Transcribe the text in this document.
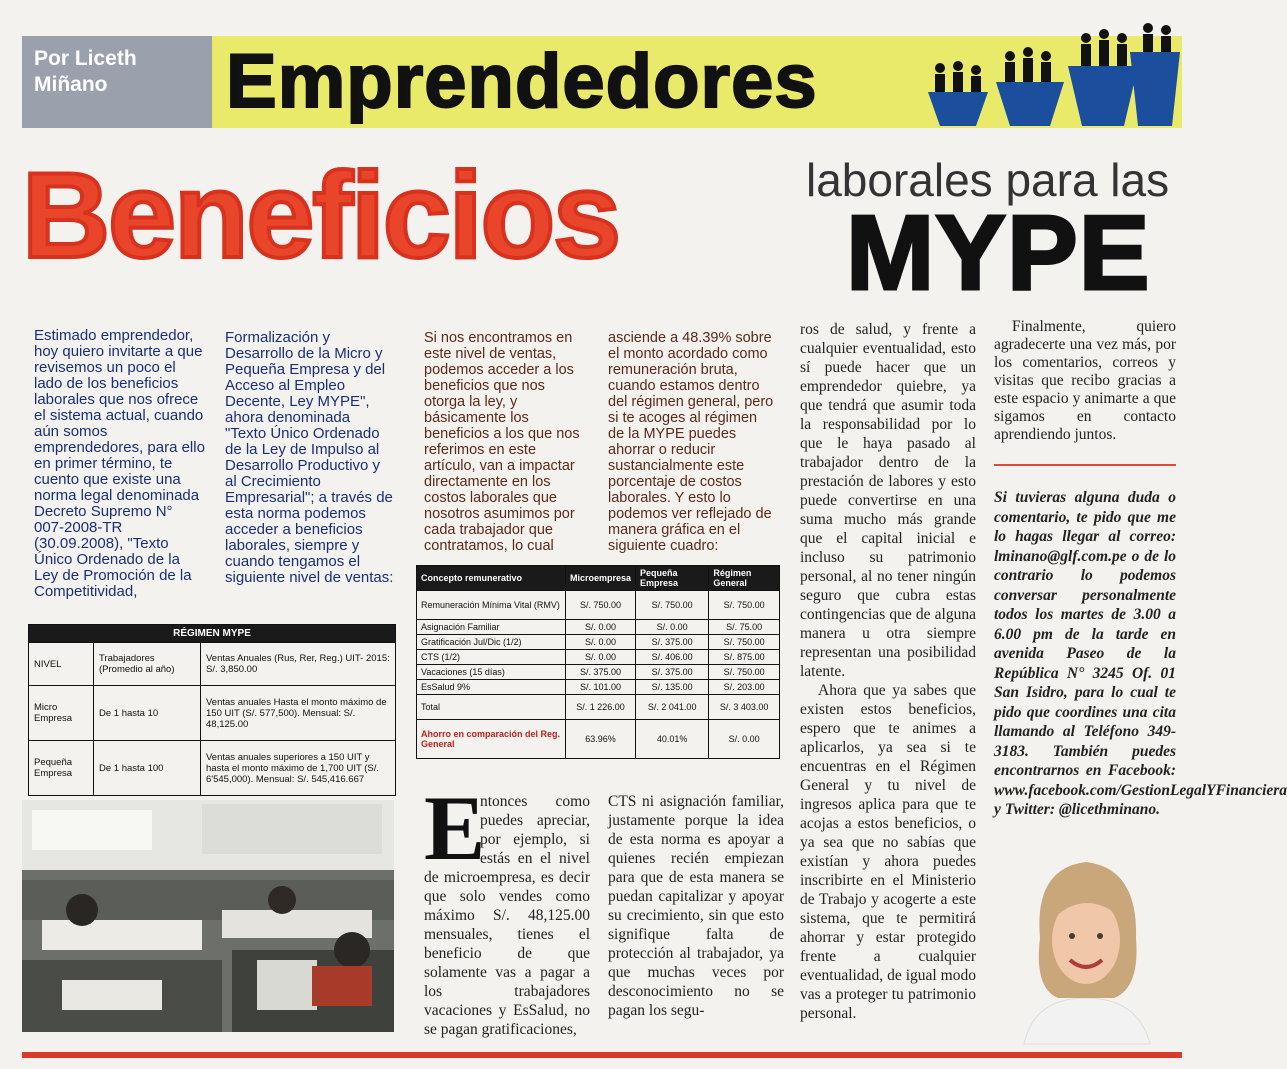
Por Liceth Miñano	Emprendedores
Beneficios	laborales para las
MYPE
Estimado emprendedor, hoy quiero invitarte a que revisemos un poco el lado de los beneficios laborales que nos ofrece el sistema actual, cuando aún somos emprendedores, para ello en primer término, te cuento que existe una norma legal denominada Decreto Supremo N° 007-2008-TR (30.09.2008), "Texto Único Ordenado de la Ley de Promoción de la Competitividad,
Formalización y Desarrollo de la Micro y Pequeña Empresa y del Acceso al Empleo Decente, Ley MYPE", ahora denominada "Texto Único Ordenado de la Ley de Impulso al Desarrollo Productivo y al Crecimiento Empresarial"; a través de esta norma podemos acceder a beneficios laborales, siempre y cuando tengamos el siguiente nivel de ventas:
Si nos encontramos en este nivel de ventas, podemos acceder a los beneficios que nos otorga la ley, y básicamente los beneficios a los que nos referimos en este artículo, van a impactar directamente en los costos laborales que nosotros asumimos por cada trabajador que contratamos, lo cual
asciende a 48.39% sobre el monto acordado como remuneración bruta, cuando estamos dentro del régimen general, pero si te acoges al régimen de la MYPE puedes ahorrar o reducir sustancialmente este porcentaje de costos laborales. Y esto lo podemos ver reflejado de manera gráfica en el siguiente cuadro:
ros de salud, y frente a cualquier eventualidad, esto sí puede hacer que un emprendedor quiebre, ya que tendrá que asumir toda la responsabilidad por lo que le haya pasado al trabajador dentro de la prestación de labores y esto puede convertirse en una suma mucho más grande que el capital inicial e incluso su patrimonio personal, al no tener ningún seguro que cubra estas contingencias que de alguna manera u otra siempre representan una posibilidad latente.
Ahora que ya sabes que existen estos beneficios, espero que te animes a aplicarlos, ya sea si te encuentras en el Régimen General y tu nivel de ingresos aplica para que te acojas a estos beneficios, o ya sea que no sabías que existían y ahora puedes inscribirte en el Ministerio de Trabajo y acogerte a este sistema, que te permitirá ahorrar y estar protegido frente a cualquier eventualidad, de igual modo vas a proteger tu patrimonio personal.
Finalmente, quiero agradecerte una vez más, por los comentarios, correos y visitas que recibo gracias a este espacio y animarte a que sigamos en contacto aprendiendo juntos.
Si tuvieras alguna duda o comentario, te pido que me lo hagas llegar al correo: lminano@glf.com.pe o de lo contrario lo podemos conversar personalmente todos los martes de 3.00 a 6.00 pm de la tarde en avenida Paseo de la República N° 3245 Of. 01 San Isidro, para lo cual te pido que coordines una cita llamando al Teléfono 349-3183. También puedes encontrarnos en Facebook: www.facebook.com/GestionLegalYFinanciera y Twitter: @licethminano.
RÉGIMEN MYPE		
NIVEL	Trabajadores (Promedio al año)	Ventas Anuales (Rus, Rer, Reg.) UIT- 2015: S/. 3,850.00
Micro Empresa	De 1 hasta 10	Ventas anuales Hasta el monto máximo de 150 UIT (S/. 577,500). Mensual: S/. 48,125.00
Pequeña Empresa	De 1 hasta 100	Ventas anuales superiores a 150 UIT y hasta el monto máximo de 1,700 UIT (S/. 6'545,000). Mensual: S/. 545,416.667
Concepto remunerativo	Microempresa	Pequeña Empresa	Régimen General
Remuneración Mínima Vital (RMV)	S/. 750.00	S/. 750.00	S/. 750.00
Asignación Familiar	S/. 0.00	S/. 0.00	S/. 75.00
Gratificación Jul/Dic (1/2)	S/. 0.00	S/. 375.00	S/. 750.00
CTS (1/2)	S/. 0.00	S/. 406.00	S/. 875.00
Vacaciones (15 días)	S/. 375.00	S/. 375.00	S/. 750.00
EsSalud 9%	S/. 101.00	S/. 135.00	S/. 203.00
Total	S/. 1 226.00	S/. 2 041.00	S/. 3 403.00
Ahorro en comparación del Reg. General	63.96%	40.01%	S/. 0.00
E
ntonces como puedes apreciar, por ejemplo, si estás en el nivel de microempresa, es decir que solo vendes como máximo S/. 48,125.00 mensuales, tienes el beneficio de que solamente vas a pagar a los trabajadores vacaciones y EsSalud, no se pagan gratificaciones,
CTS ni asignación familiar, justamente porque la idea de esta norma es apoyar a quienes recién empiezan para que de esta manera se puedan capitalizar y apoyar su crecimiento, sin que esto signifique falta de protección al trabajador, ya que muchas veces por desconocimiento no se pagan los segu-
